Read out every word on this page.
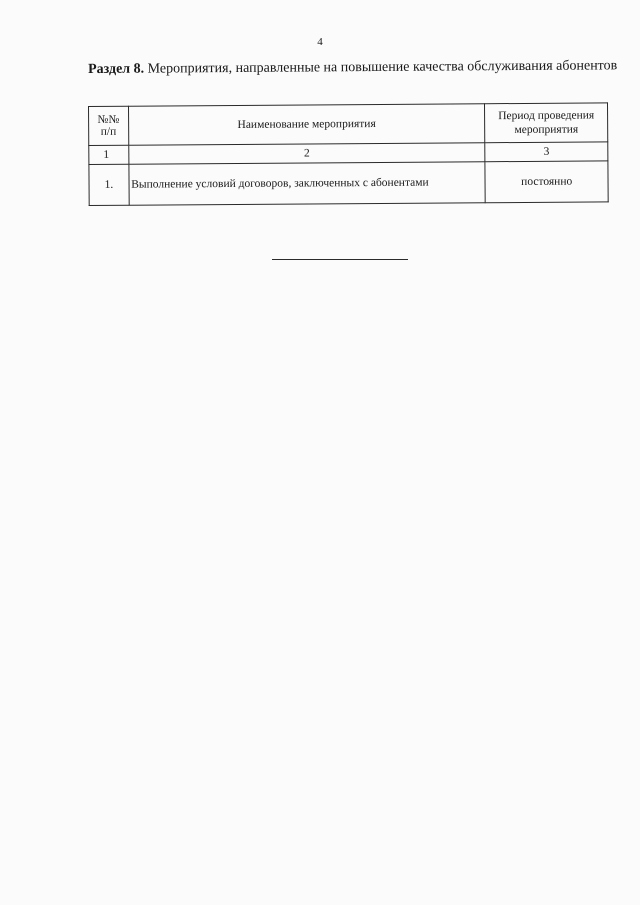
4
Раздел 8. Мероприятия, направленные на повышение качества обслуживания абонентов
№№ п/п	Наименование мероприятия	Период проведения мероприятия
1	2	3
1.	Выполнение условий договоров, заключенных с абонентами	постоянно
